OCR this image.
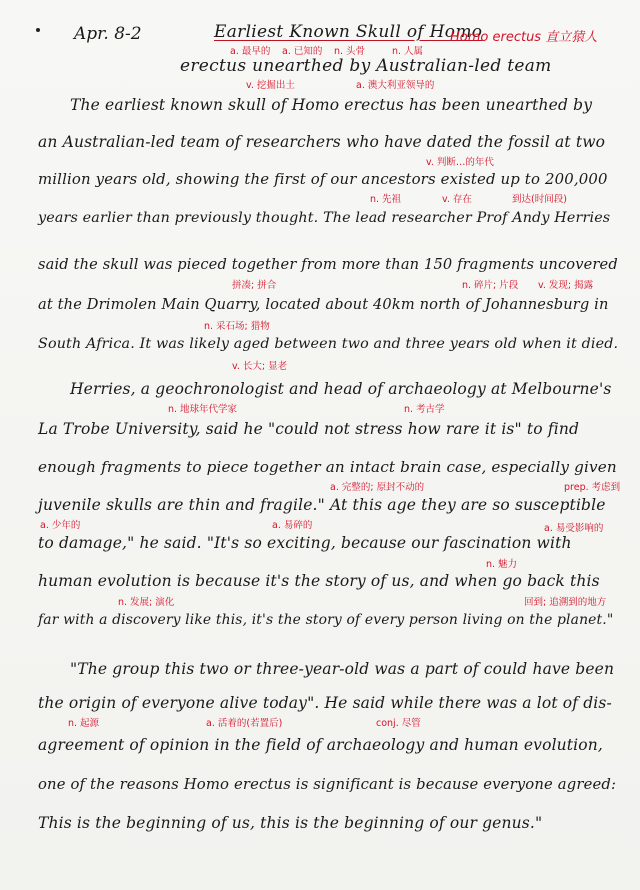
Apr. 8-2	Earliest Known Skull of Homo
erectus unearthed by Australian-led team
Homo erectus 直立猿人
a. 最早的 a. 已知的 n. 头骨	n. 人属
v. 挖掘出土	a. 澳大利亚领导的
The earliest known skull of Homo erectus has been unearthed by
an Australian-led team of researchers who have dated the fossil at two
v. 判断…的年代
million years old, showing the first of our ancestors existed up to 200,000
n. 先祖	v. 存在	到达(时间段)
years earlier than previously thought. The lead researcher Prof Andy Herries
said the skull was pieced together from more than 150 fragments uncovered
拼凑; 拼合	n. 碎片; 片段 v. 发现; 揭露
at the Drimolen Main Quarry, located about 40km north of Johannesburg in
n. 采石场; 猎物
South Africa. It was likely aged between two and three years old when it died.
v. 长大; 显老
Herries, a geochronologist and head of archaeology at Melbourne's
n. 地球年代学家	n. 考古学
La Trobe University, said he "could not stress how rare it is" to find
enough fragments to piece together an intact brain case, especially given
a. 完整的; 原封不动的	prep. 考虑到
juvenile skulls are thin and fragile." At this age they are so susceptible
a. 少年的	a. 易碎的	a. 易受影响的
to damage," he said. "It's so exciting, because our fascination with
n. 魅力
human evolution is because it's the story of us, and when go back this
n. 发展; 演化	回到; 追溯到的地方
far with a discovery like this, it's the story of every person living on the planet."
"The group this two or three-year-old was a part of could have been
the origin of everyone alive today". He said while there was a lot of dis-
n. 起源	a. 活着的(若置后)	conj. 尽管
agreement of opinion in the field of archaeology and human evolution,
one of the reasons Homo erectus is significant is because everyone agreed:
This is the beginning of us, this is the beginning of our genus."
